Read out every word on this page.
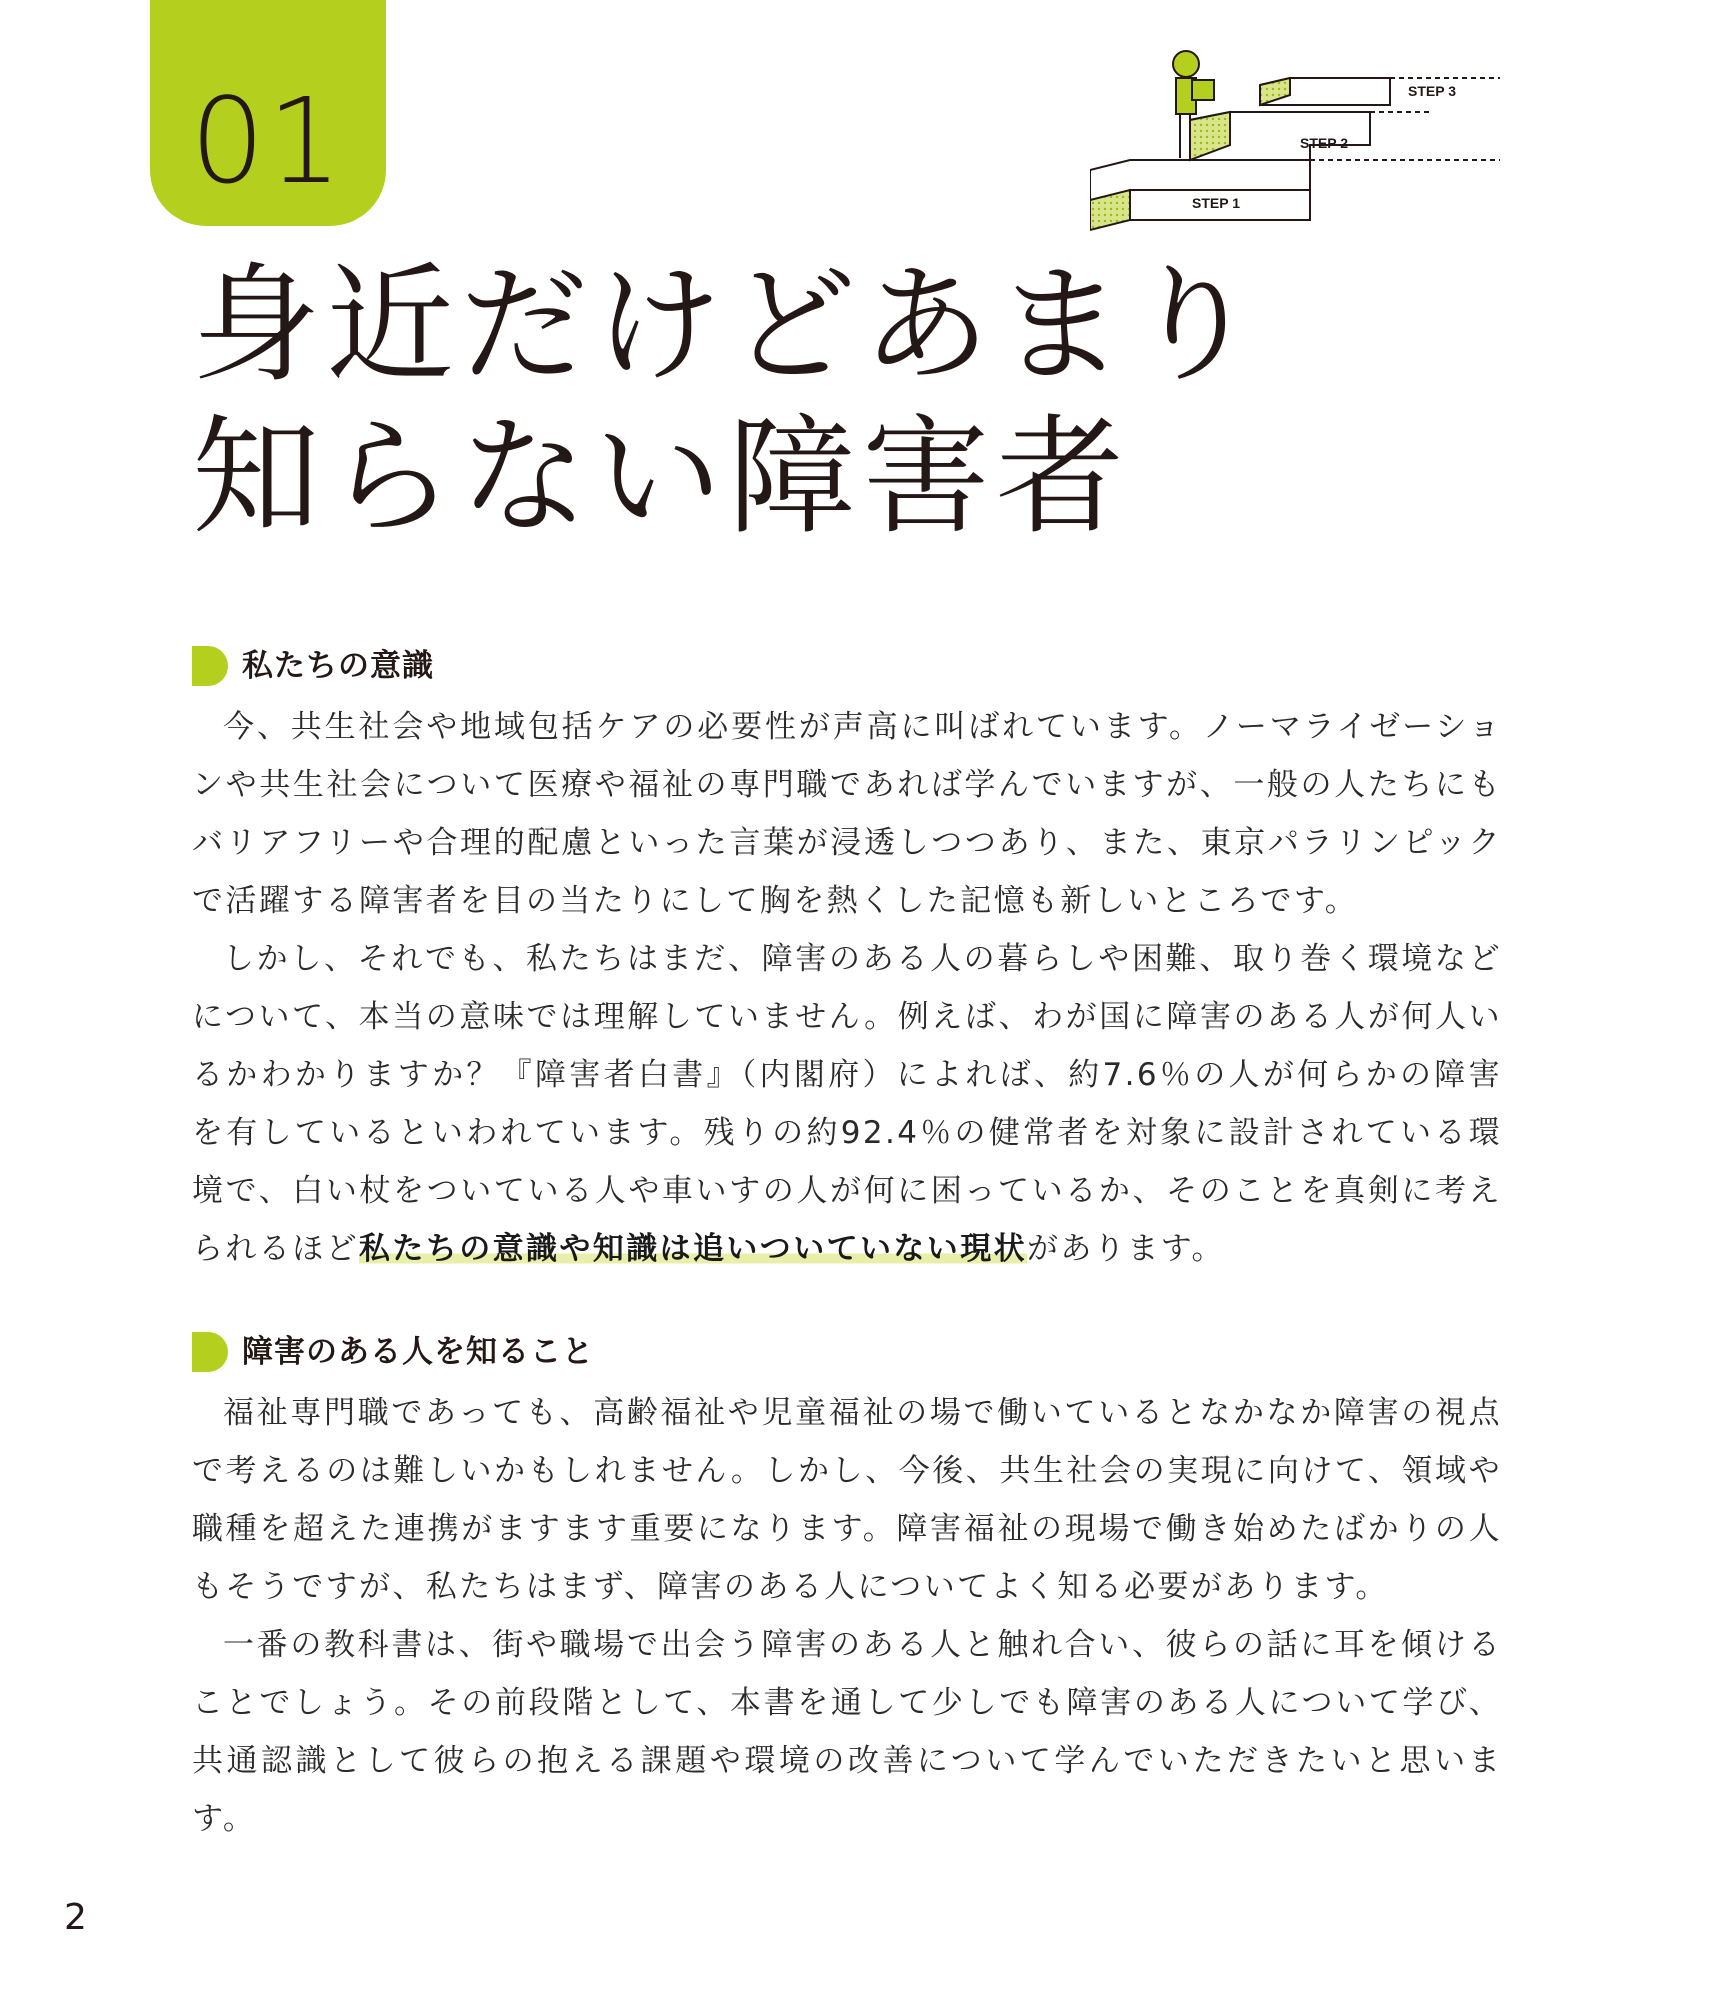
01	STEP 1
STEP 2
STEP 3
身近だけどあまり
知らない障害者
私たちの意識

今、共生社会や地域包括ケアの必要性が声高に叫ばれています。ノーマライゼーションや共生社会について医療や福祉の専門職であれば学んでいますが、一般の人たちにもバリアフリーや合理的配慮といった言葉が浸透しつつあり、また、東京パラリンピックで活躍する障害者を目の当たりにして胸を熱くした記憶も新しいところです。

しかし、それでも、私たちはまだ、障害のある人の暮らしや困難、取り巻く環境などについて、本当の意味では理解していません。例えば、わが国に障害のある人が何人いるかわかりますか？『障害者白書』（内閣府）によれば、約7.6％の人が何らかの障害を有しているといわれています。残りの約92.4％の健常者を対象に設計されている環境で、白い杖をついている人や車いすの人が何に困っているか、そのことを真剣に考えられるほど私たちの意識や知識は追いついていない現状があります。

障害のある人を知ること

福祉専門職であっても、高齢福祉や児童福祉の場で働いているとなかなか障害の視点で考えるのは難しいかもしれません。しかし、今後、共生社会の実現に向けて、領域や職種を超えた連携がますます重要になります。障害福祉の現場で働き始めたばかりの人もそうですが、私たちはまず、障害のある人についてよく知る必要があります。

一番の教科書は、街や職場で出会う障害のある人と触れ合い、彼らの話に耳を傾けることでしょう。その前段階として、本書を通して少しでも障害のある人について学び、共通認識として彼らの抱える課題や環境の改善について学んでいただきたいと思います。

2
